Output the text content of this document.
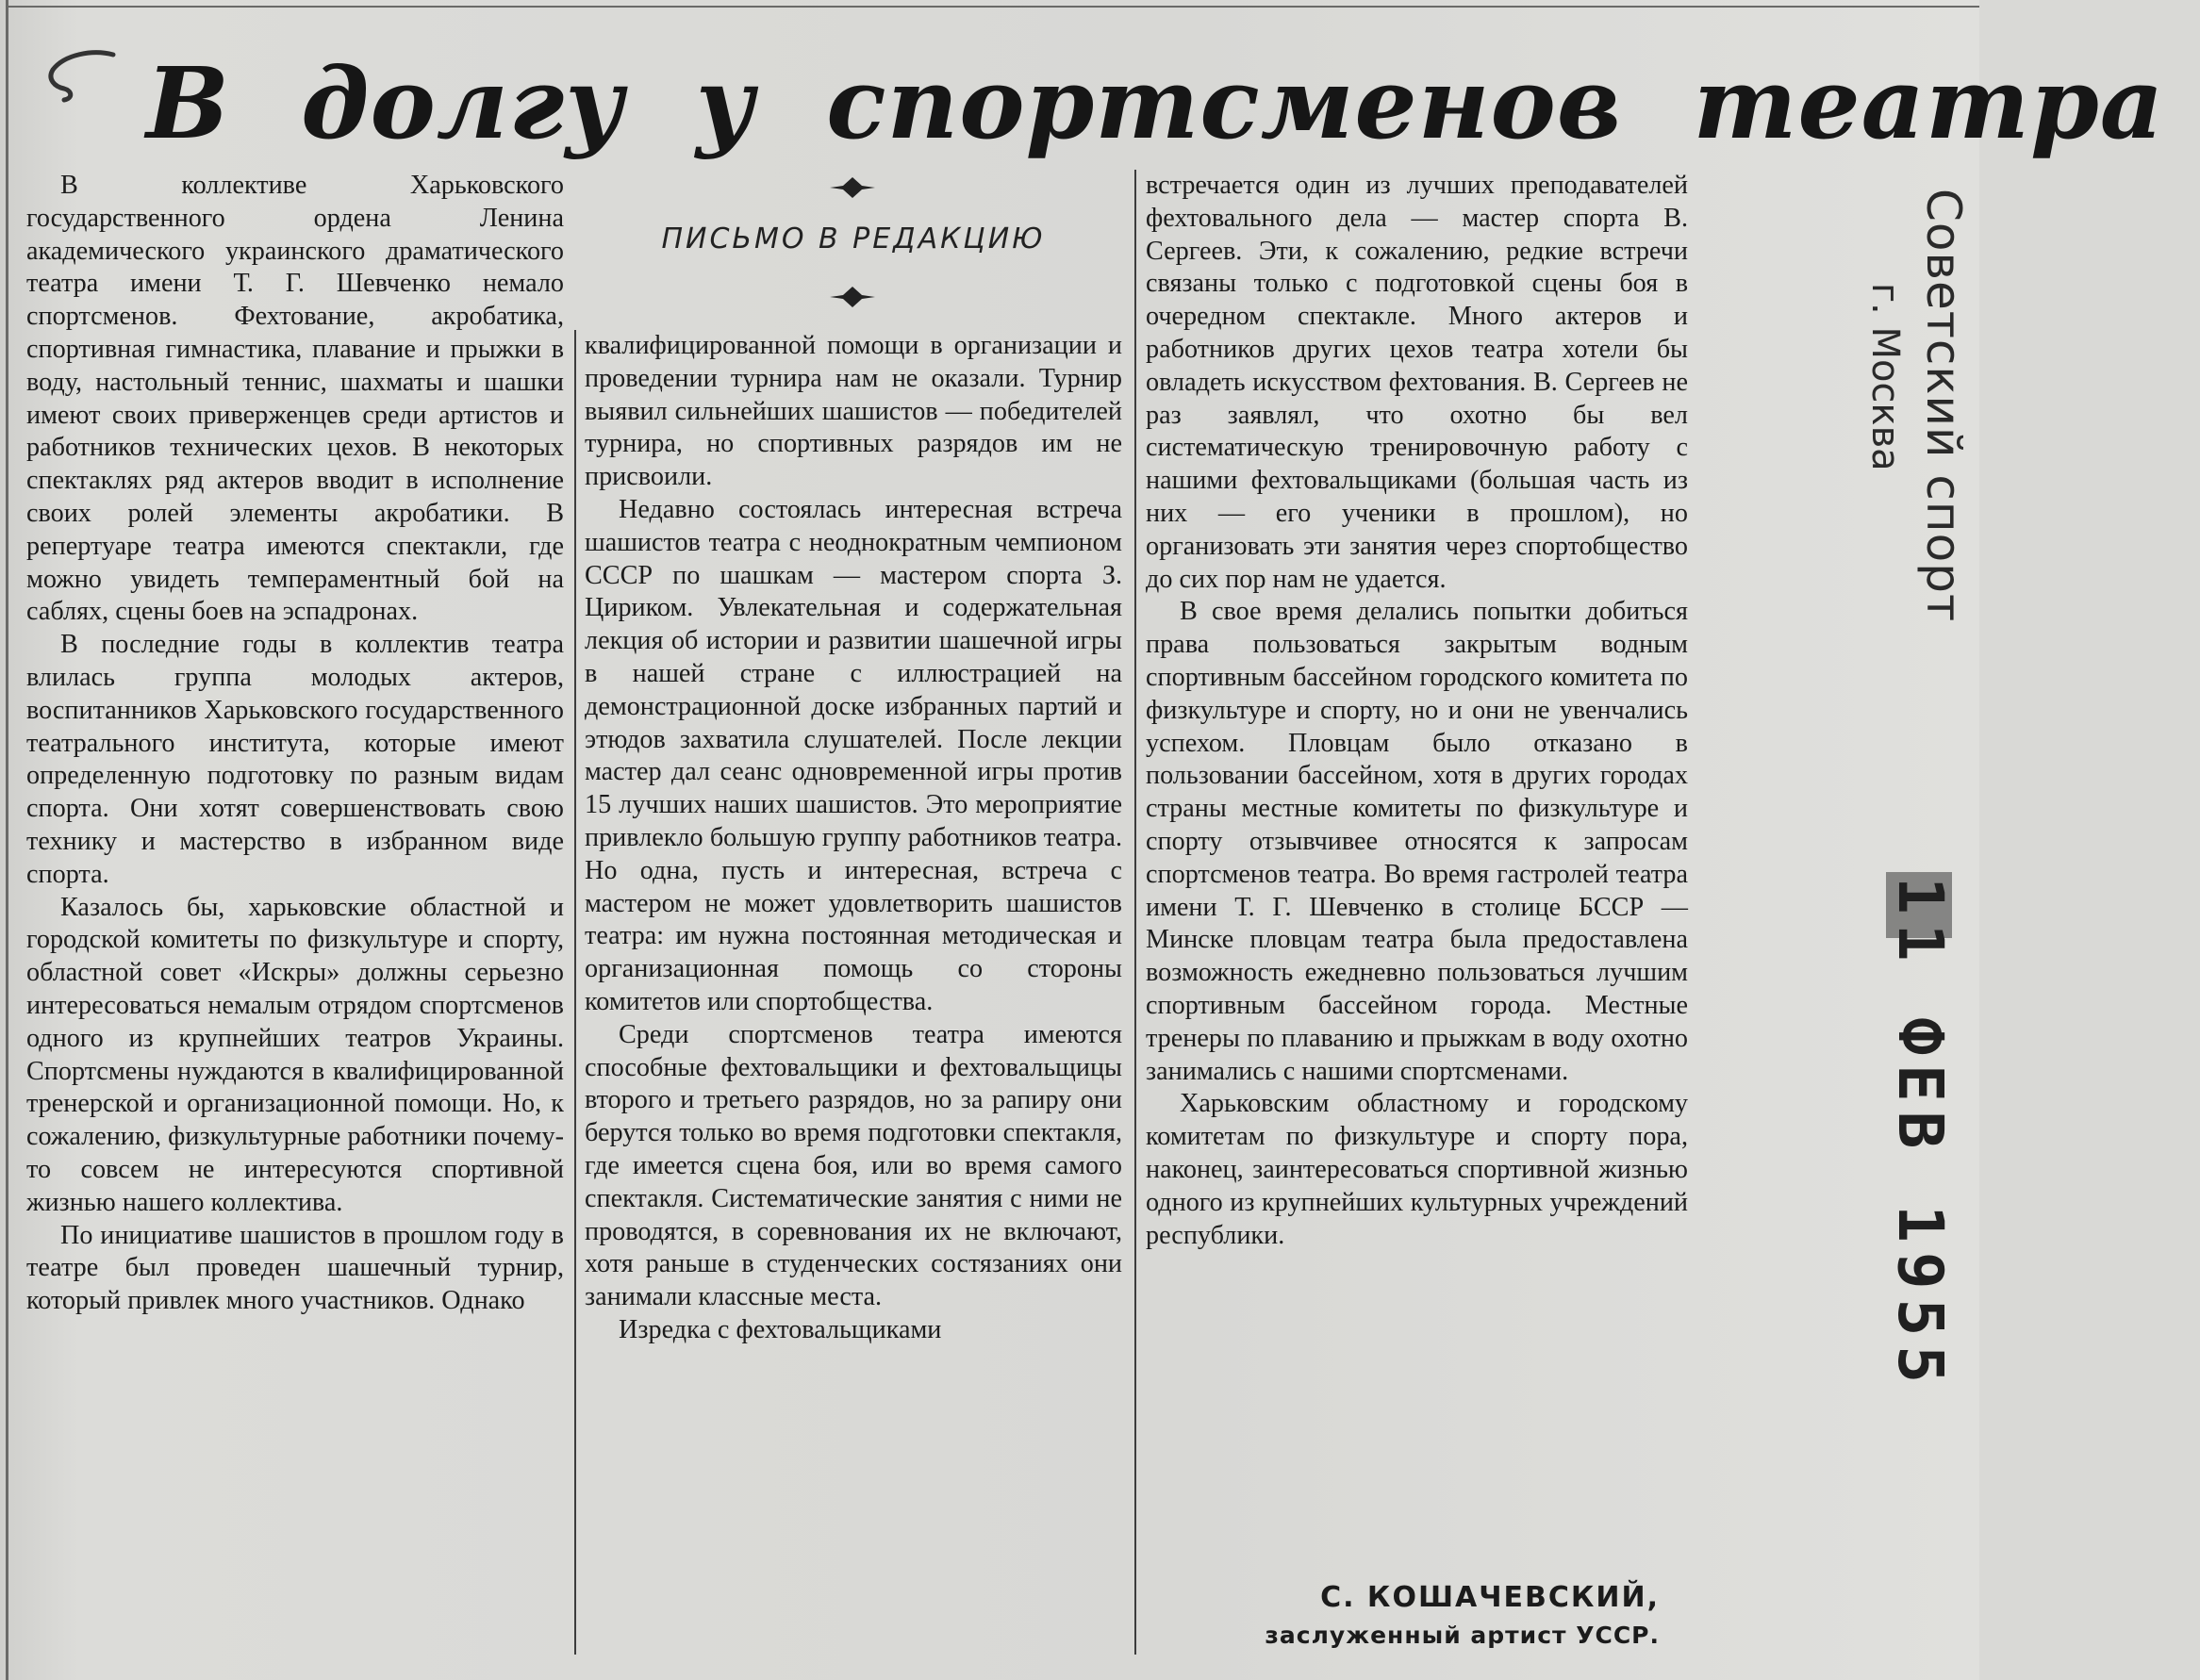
В долгу у спортсменов театра
ПИСЬМО В РЕДАКЦИЮ

В коллективе Харьковского государственного ордена Ленина академического украинского драматического театра имени Т. Г. Шевченко немало спортсменов. Фехтование, акробатика, спортивная гимнастика, плавание и прыжки в воду, настольный теннис, шахматы и шашки имеют своих приверженцев среди артистов и работников технических цехов. В некоторых спектаклях ряд актеров вводит в исполнение своих ролей элементы акробатики. В репертуаре театра имеются спектакли, где можно увидеть темпераментный бой на саблях, сцены боев на эспадронах.

В последние годы в коллектив театра влилась группа молодых актеров, воспитанников Харьковского государственного театрального института, которые имеют определенную подготовку по разным видам спорта. Они хотят совершенствовать свою технику и мастерство в избранном виде спорта.

Казалось бы, харьковские областной и городской комитеты по физкультуре и спорту, областной совет «Искры» должны серьезно интересоваться немалым отрядом спортсменов одного из крупнейших театров Украины. Спортсмены нуждаются в квалифицированной тренерской и организационной помощи. Но, к сожалению, физкультурные работники почему-то совсем не интересуются спортивной жизнью нашего коллектива.

По инициативе шашистов в прошлом году в театре был проведен шашечный турнир, который привлек много участников. Однако

квалифицированной помощи в организации и проведении турнира нам не оказали. Турнир выявил сильнейших шашистов — победителей турнира, но спортивных разрядов им не присвоили.

Недавно состоялась интересная встреча шашистов театра с неоднократным чемпионом СССР по шашкам — мастером спорта З. Цириком. Увлекательная и содержательная лекция об истории и развитии шашечной игры в нашей стране с иллюстрацией на демонстрационной доске избранных партий и этюдов захватила слушателей. После лекции мастер дал сеанс одновременной игры против 15 лучших наших шашистов. Это мероприятие привлекло большую группу работников театра. Но одна, пусть и интересная, встреча с мастером не может удовлетворить шашистов театра: им нужна постоянная методическая и организационная помощь со стороны комитетов или спортобщества.

Среди спортсменов театра имеются способные фехтовальщики и фехтовальщицы второго и третьего разрядов, но за рапиру они берутся только во время подготовки спектакля, где имеется сцена боя, или во время самого спектакля. Систематические занятия с ними не проводятся, в соревнования их не включают, хотя раньше в студенческих состязаниях они занимали классные места.

Изредка с фехтовальщиками

встречается один из лучших преподавателей фехтовального дела — мастер спорта В. Сергеев. Эти, к сожалению, редкие встречи связаны только с подготовкой сцены боя в очередном спектакле. Много актеров и работников других цехов театра хотели бы овладеть искусством фехтования. В. Сергеев не раз заявлял, что охотно бы вел систематическую тренировочную работу с нашими фехтовальщиками (большая часть из них — его ученики в прошлом), но организовать эти занятия через спортобщество до сих пор нам не удается.

В свое время делались попытки добиться права пользоваться закрытым водным спортивным бассейном городского комитета по физкультуре и спорту, но и они не увенчались успехом. Пловцам было отказано в пользовании бассейном, хотя в других городах страны местные комитеты по физкультуре и спорту отзывчивее относятся к запросам спортсменов театра. Во время гастролей театра имени Т. Г. Шевченко в столице БССР — Минске пловцам театра была предоставлена возможность ежедневно пользоваться лучшим спортивным бассейном города. Местные тренеры по плаванию и прыжкам в воду охотно занимались с нашими спортсменами.

Харьковским областному и городскому комитетам по физкультуре и спорту пора, наконец, заинтересоваться спортивной жизнью одного из крупнейших культурных учреждений республики.

С. КОШАЧЕВСКИЙ,
заслуженный артист УССР.
Советский спорт
г. Москва
11 ФЕВ 1955
